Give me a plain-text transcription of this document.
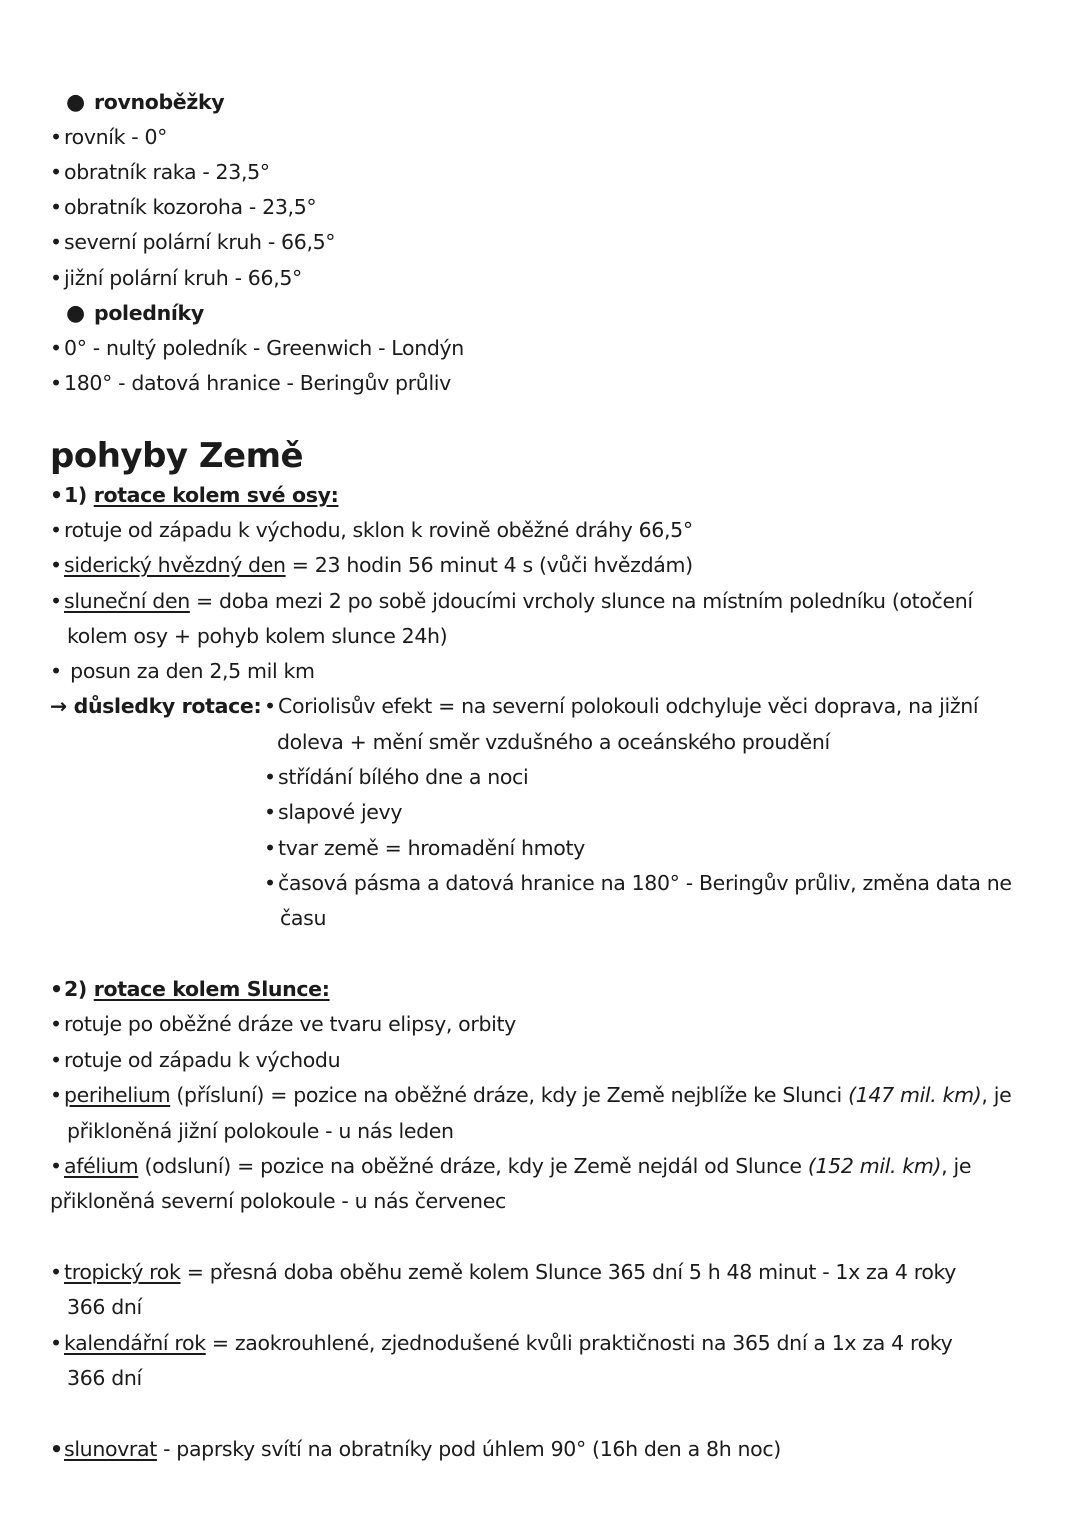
● rovnoběžky
• rovník - 0°
• obratník raka - 23,5°
• obratník kozoroha - 23,5°
• severní polární kruh - 66,5°
• jižní polární kruh - 66,5°
● poledníky
• 0° - nultý poledník - Greenwich - Londýn
• 180° - datová hranice - Beringův průliv
pohyby Země
•1) rotace kolem své osy:
• rotuje od západu k východu, sklon k rovině oběžné dráhy 66,5°
• siderický hvězdný den = 23 hodin 56 minut 4 s (vůči hvězdám)
• sluneční den = doba mezi 2 po sobě jdoucími vrcholy slunce na místním poledníku (otočení
kolem osy + pohyb kolem slunce 24h)
• posun za den 2,5 mil km
→ důsledky rotace: • Coriolisův efekt = na severní polokouli odchyluje věci doprava, na jižní
doleva + mění směr vzdušného a oceánského proudění
• střídání bílého dne a noci
• slapové jevy
• tvar země = hromadění hmoty
• časová pásma a datová hranice na 180° - Beringův průliv, změna data ne
času
•2) rotace kolem Slunce:
• rotuje po oběžné dráze ve tvaru elipsy, orbity
• rotuje od západu k východu
• perihelium (přísluní) = pozice na oběžné dráze, kdy je Země nejblíže ke Slunci (147 mil. km), je
přikloněná jižní polokoule - u nás leden
• afélium (odsluní) = pozice na oběžné dráze, kdy je Země nejdál od Slunce (152 mil. km), je
přikloněná severní polokoule - u nás červenec
• tropický rok = přesná doba oběhu země kolem Slunce 365 dní 5 h 48 minut - 1x za 4 roky
366 dní
• kalendářní rok = zaokrouhlené, zjednodušené kvůli praktičnosti na 365 dní a 1x za 4 roky
366 dní
•slunovrat - paprsky svítí na obratníky pod úhlem 90° (16h den a 8h noc)
